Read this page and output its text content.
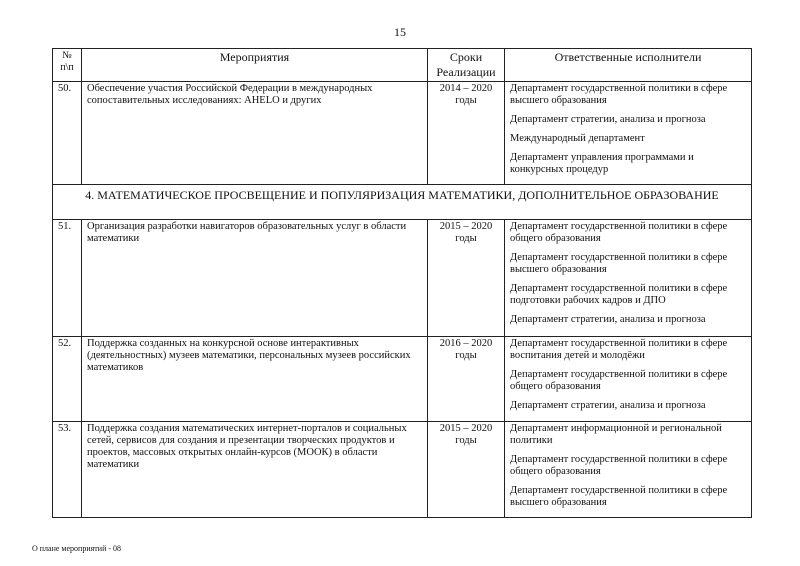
15
№ п\п	Мероприятия	Сроки Реализации	Ответственные исполнители
50.	Обеспечение участия Российской Федерации в международных сопоставительных исследованиях: AHELO и других	2014 – 2020 годы	Департамент государственной политики в сфере высшего образования
Департамент стратегии, анализа и прогноза
Международный департамент
Департамент управления программами и конкурсных процедур

4. МАТЕМАТИЧЕСКОЕ ПРОСВЕЩЕНИЕ И ПОПУЛЯРИЗАЦИЯ МАТЕМАТИКИ, ДОПОЛНИТЕЛЬНОЕ ОБРАЗОВАНИЕ			
51.	Организация разработки навигаторов образовательных услуг в области математики	2015 – 2020 годы	Департамент государственной политики в сфере общего образования
Департамент государственной политики в сфере высшего образования
Департамент государственной политики в сфере подготовки рабочих кадров и ДПО
Департамент стратегии, анализа и прогноза

52.	Поддержка созданных на конкурсной основе интерактивных (деятельностных) музеев математики, персональных музеев российских математиков	2016 – 2020 годы	Департамент государственной политики в сфере воспитания детей и молодёжи
Департамент государственной политики в сфере общего образования
Департамент стратегии, анализа и прогноза

53.	Поддержка создания математических интернет-порталов и социальных сетей, сервисов для создания и презентации творческих продуктов и проектов, массовых открытых онлайн-курсов (МООК) в области математики	2015 – 2020 годы	Департамент информационной и региональной политики
Департамент государственной политики в сфере общего образования
Департамент государственной политики в сфере высшего образования
О плане мероприятий - 08
